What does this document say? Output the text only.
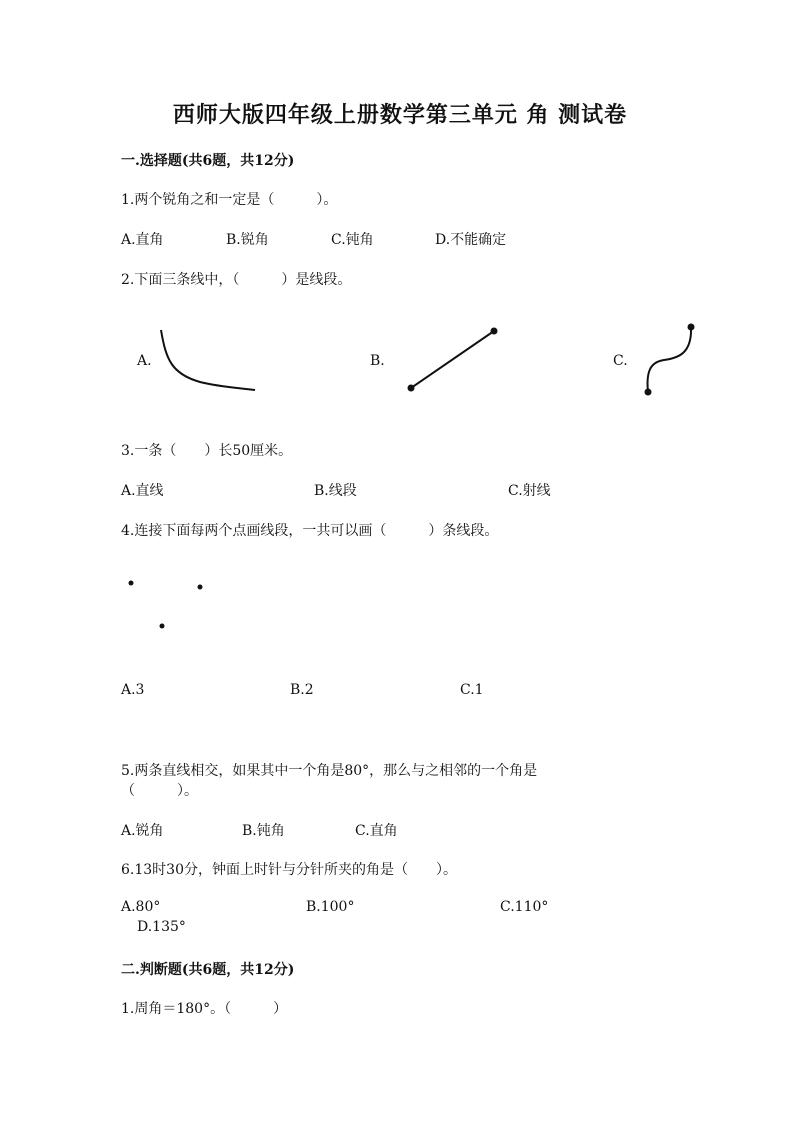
西师大版四年级上册数学第三单元 角 测试卷
一.选择题(共6题，共12分)
1.两个锐角之和一定是（　　　）。
A.直角	B.锐角	C.钝角	D.不能确定
2.下面三条线中，（　　　）是线段。
A.	B.	C.
3.一条（　　）长50厘米。
A.直线	B.线段	C.射线
4.连接下面每两个点画线段，一共可以画（　　　）条线段。
A.3	B.2	C.1
5.两条直线相交，如果其中一个角是80°，那么与之相邻的一个角是
（　　　）。
A.锐角	B.钝角	C.直角
6.13时30分，钟面上时针与分针所夹的角是（　　）。
A.80°	B.100°	C.110°
D.135°
二.判断题(共6题，共12分)
1.周角＝180°。（　　　）
